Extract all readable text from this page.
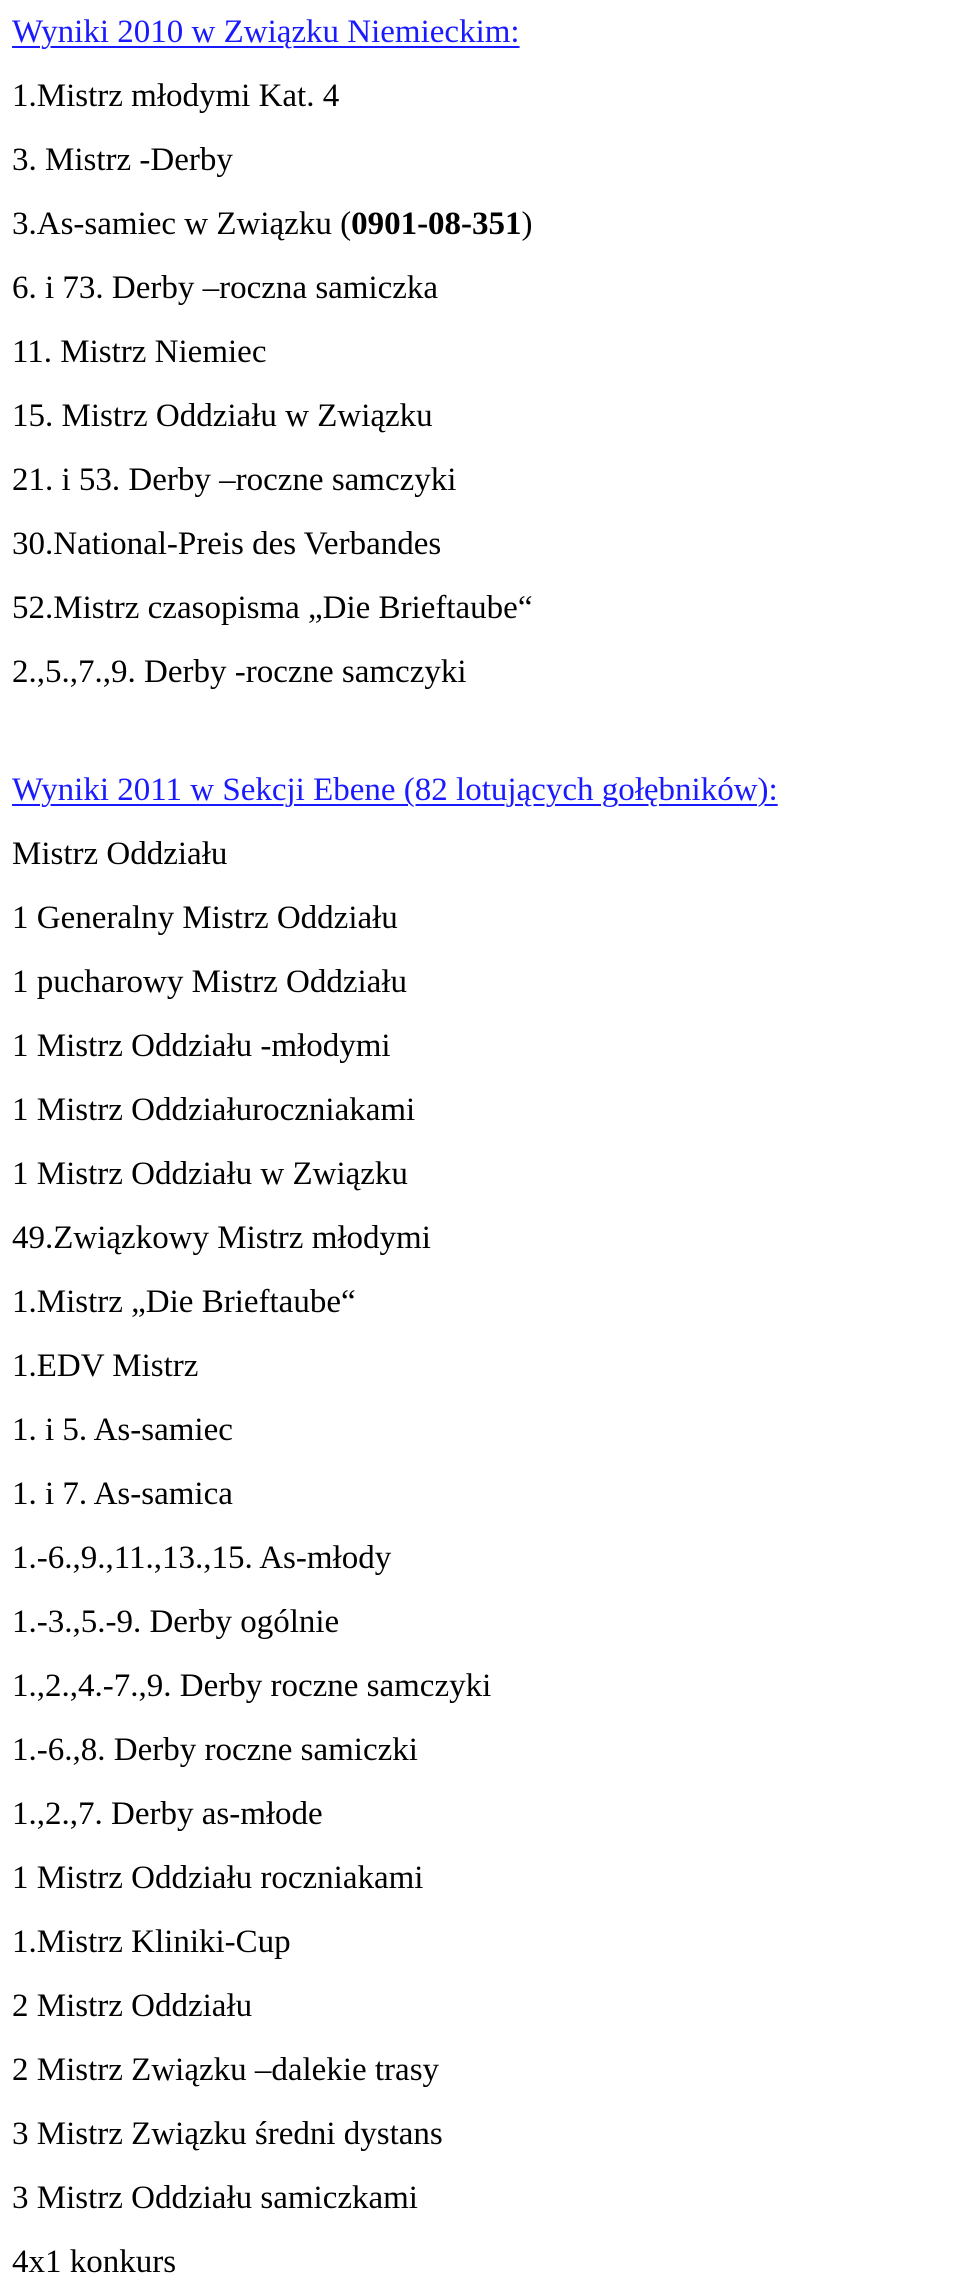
Wyniki 2010 w Związku Niemieckim:
1.Mistrz młodymi Kat. 4
3. Mistrz -Derby
3.As-samiec w Związku (0901-08-351)
6. i 73. Derby –roczna samiczka
11. Mistrz Niemiec
15. Mistrz Oddziału w Związku
21. i 53. Derby –roczne samczyki
30.National-Preis des Verbandes
52.Mistrz czasopisma „Die Brieftaube“
2.,5.,7.,9. Derby -roczne samczyki
Wyniki 2011 w Sekcji Ebene (82 lotujących gołębników):
Mistrz Oddziału
1 Generalny Mistrz Oddziału
1 pucharowy Mistrz Oddziału
1 Mistrz Oddziału -młodymi
1 Mistrz Oddziałuroczniakami
1 Mistrz Oddziału w Związku
49.Związkowy Mistrz młodymi
1.Mistrz „Die Brieftaube“
1.EDV Mistrz
1. i 5. As-samiec
1. i 7. As-samica
1.-6.,9.,11.,13.,15. As-młody
1.-3.,5.-9. Derby ogólnie
1.,2.,4.-7.,9. Derby roczne samczyki
1.-6.,8. Derby roczne samiczki
1.,2.,7. Derby as-młode
1 Mistrz Oddziału roczniakami
1.Mistrz Kliniki-Cup
2 Mistrz Oddziału
2 Mistrz Związku –dalekie trasy
3 Mistrz Związku średni dystans
3 Mistrz Oddziału samiczkami
4x1 konkurs
